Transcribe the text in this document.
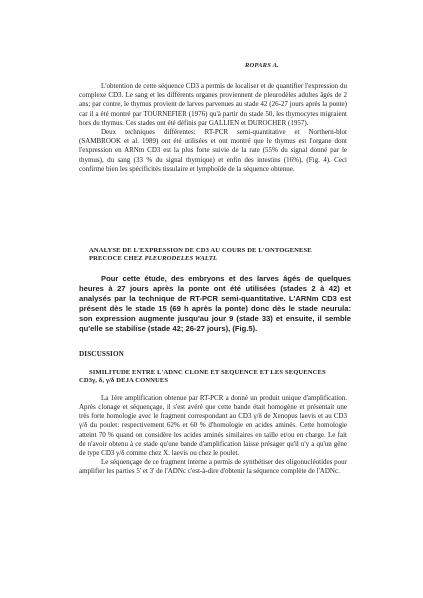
ROPARS A.

L'obtention de cette séquence CD3 a permis de localiser et de quantifier l'expression du complexe CD3. Le sang et les différents organes proviennent de pleurodèles adultes âgés de 2 ans; par contre, le thymus provient de larves parvenues au stade 42 (26-27 jours après la ponte) car il a été montré par TOURNEFIER (1976) qu'à partir du stade 50, les thymocytes migraient hors du thymus. Ces stades ont été définis par GALLIEN et DUROCHER (1957).

Deux techniques différentes: RT-PCR semi-quantitative et Northern-blot (SAMBROOK et al. 1989) ont été utilisées et ont montré que le thymus est l'organe dont l'expression en ARNm CD3 est la plus forte suivie de la rate (55% du signal donné par le thymus), du sang (33 % du signal thymique) et enfin des intestins (16%), (Fig. 4). Ceci confirme bien les spécificités tissulaire et lymphoïde de la séquence obtenue.

ANALYSE DE L'EXPRESSION DE CD3 AU COURS DE L'ONTOGENESE
PRECOCE CHEZ PLEURODELES WALTL

Pour cette étude, des embryons et des larves âgés de quelques heures à 27 jours après la ponte ont été utilisées (stades 2 à 42) et analysés par la technique de RT-PCR semi-quantitative. L'ARNm CD3 est présent dès le stade 15 (69 h après la ponte) donc dès le stade neurula: son expression augmente jusqu'au jour 9 (stade 33) et ensuite, il semble qu'elle se stabilise (stade 42; 26-27 jours), (Fig.5).

DISCUSSION
SIMILITUDE ENTRE L'ADNC CLONE ET SEQUENCE ET LES SEQUENCES
CD3γ, δ, γ/δ DEJA CONNUES

La 1ère amplification obtenue par RT-PCR a donné un produit unique d'amplification. Après clonage et séquençage, il s'est avéré que cette bande était homogène et présentait une très forte homologie avec le fragment correspondant au CD3 γ/δ de Xenopus laevis et au CD3 γ/δ du poulet: respectivement 62% et 60 % d'homologie en acides aminés. Cette homologie atteint 70 % quand on considère les acides aminés similaires en taille et/ou en charge. Le fait de n'avoir obtenu à ce stade qu'une bande d'amplification laisse présager qu'il n'y a qu'un gène de type CD3 γ/δ comme chez X. laevis ou chez le poulet.

Le séquençage de ce fragment interne a permis de synthétiser des oligonucléotides pour amplifier les parties 5' et 3' de l'ADNc c'est-à-dire d'obtenir la séquence complète de l'ADNc.
